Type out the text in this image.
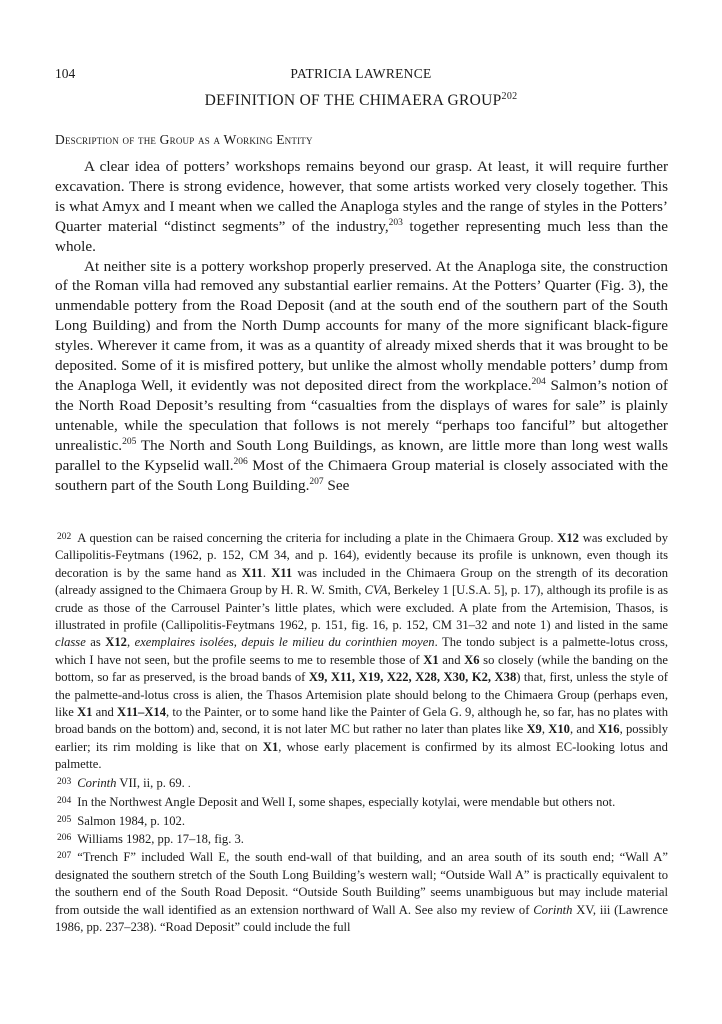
104	PATRICIA LAWRENCE
DEFINITION OF THE CHIMAERA GROUP$^{202}$
Description of the Group as a Working Entity

A clear idea of potters’ workshops remains beyond our grasp. At least, it will require further excavation. There is strong evidence, however, that some artists worked very closely together. This is what Amyx and I meant when we called the Anaploga styles and the range of styles in the Potters’ Quarter material “distinct segments” of the industry,$^{203}$ together representing much less than the whole.

At neither site is a pottery workshop properly preserved. At the Anaploga site, the construction of the Roman villa had removed any substantial earlier remains. At the Potters’ Quarter (Fig. 3), the unmendable pottery from the Road Deposit (and at the south end of the southern part of the South Long Building) and from the North Dump accounts for many of the more significant black-figure styles. Wherever it came from, it was as a quantity of already mixed sherds that it was brought to be deposited. Some of it is misfired pottery, but unlike the almost wholly mendable potters’ dump from the Anaploga Well, it evidently was not deposited direct from the workplace.$^{204}$ Salmon’s notion of the North Road Deposit’s resulting from “casualties from the displays of wares for sale” is plainly untenable, while the speculation that follows is not merely “perhaps too fanciful” but altogether unrealistic.$^{205}$ The North and South Long Buildings, as known, are little more than long west walls parallel to the Kypselid wall.$^{206}$ Most of the Chimaera Group material is closely associated with the southern part of the South Long Building.$^{207}$ See

$^{202}$ A question can be raised concerning the criteria for including a plate in the Chimaera Group. X12 was excluded by Callipolitis-Feytmans (1962, p. 152, CM 34, and p. 164), evidently because its profile is unknown, even though its decoration is by the same hand as X11. X11 was included in the Chimaera Group on the strength of its decoration (already assigned to the Chimaera Group by H. R. W. Smith, CVA, Berkeley 1 [U.S.A. 5], p. 17), although its profile is as crude as those of the Carrousel Painter’s little plates, which were excluded. A plate from the Artemision, Thasos, is illustrated in profile (Callipolitis-Feytmans 1962, p. 151, fig. 16, p. 152, CM 31–32 and note 1) and listed in the same classe as X12, exemplaires isolées, depuis le milieu du corinthien moyen. The tondo subject is a palmette-lotus cross, which I have not seen, but the profile seems to me to resemble those of X1 and X6 so closely (while the banding on the bottom, so far as preserved, is the broad bands of X9, X11, X19, X22, X28, X30, K2, X38) that, first, unless the style of the palmette-and-lotus cross is alien, the Thasos Artemision plate should belong to the Chimaera Group (perhaps even, like X1 and X11–X14, to the Painter, or to some hand like the Painter of Gela G. 9, although he, so far, has no plates with broad bands on the bottom) and, second, it is not later MC but rather no later than plates like X9, X10, and X16, possibly earlier; its rim molding is like that on X1, whose early placement is confirmed by its almost EC-looking lotus and palmette.

$^{203}$ Corinth VII, ii, p. 69. .

$^{204}$ In the Northwest Angle Deposit and Well I, some shapes, especially kotylai, were mendable but others not.

$^{205}$ Salmon 1984, p. 102.

$^{206}$ Williams 1982, pp. 17–18, fig. 3.

$^{207}$ “Trench F” included Wall E, the south end-wall of that building, and an area south of its south end; “Wall A” designated the southern stretch of the South Long Building’s western wall; “Outside Wall A” is practically equivalent to the southern end of the South Road Deposit. “Outside South Building” seems unambiguous but may include material from outside the wall identified as an extension northward of Wall A. See also my review of Corinth XV, iii (Lawrence 1986, pp. 237–238). “Road Deposit” could include the full
